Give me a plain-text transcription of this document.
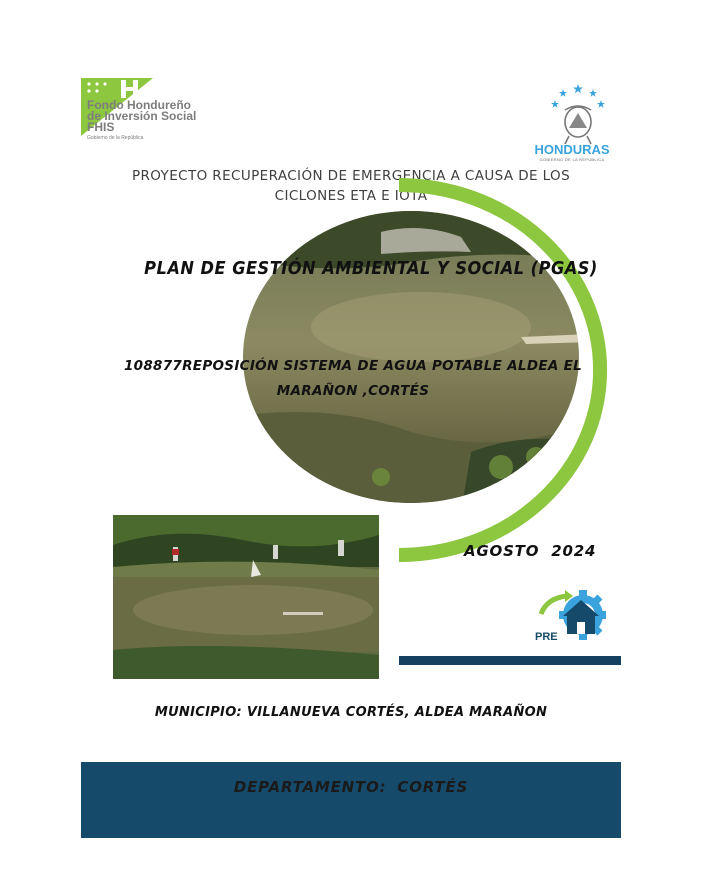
Fondo Hondureño
de Inversión Social
FHIS
Gobierno de la República
HONDURAS
GOBIERNO DE LA REPÚBLICA
PROYECTO RECUPERACIÓN DE EMERGENCIA A CAUSA DE LOS
CICLONES ETA E IOTA
PLAN DE GESTIÓN AMBIENTAL Y SOCIAL (PGAS)
108877REPOSICIÓN SISTEMA DE AGUA POTABLE ALDEA EL
MARAÑON ,CORTÉS
AGOSTO 2024
PRE
MUNICIPIO: VILLANUEVA CORTÉS, ALDEA MARAÑON
DEPARTAMENTO: CORTÉS
